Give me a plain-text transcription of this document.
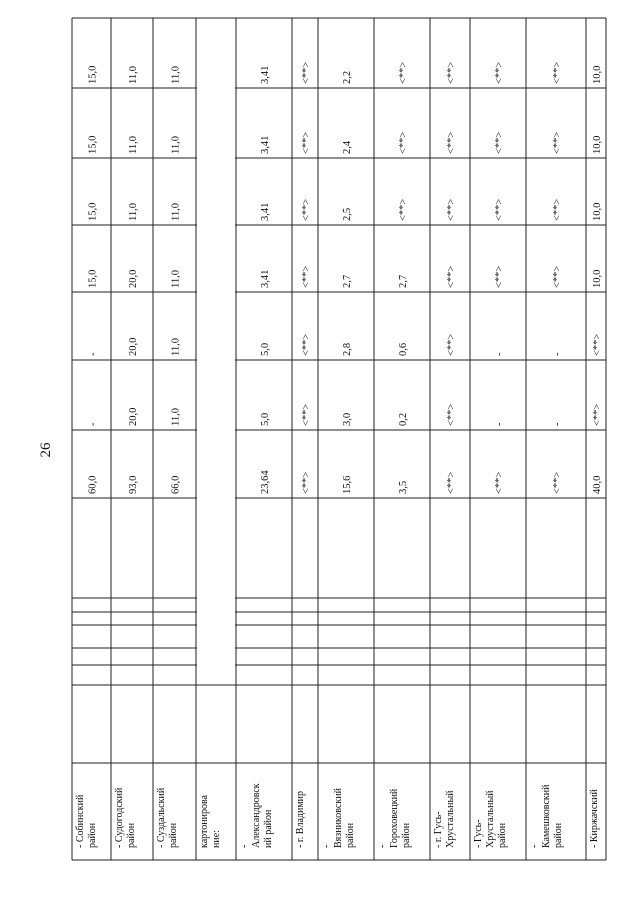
26
15,0
15,0
15,0
15,0
-
-
60,0
- Собинский район
11,0
11,0
11,0
20,0
20,0
20,0
93,0
- Судогодский район
11,0
11,0
11,0
11,0
11,0
11,0
66,0
- Суздальский район картонирова ние:
3,41
3,41
3,41
3,41
5,0
5,0
23,64
- Александровск ий район
<**>
<**>
<**>
<**>
<**>
<**>
<**>
- г. Владимир
2,2
2,4
2,5
2,7
2,8
3,0
15,6
- Вязниковский район
<**>
<**>
<**>
2,7
0,6
0,2
3,5
- Гороховецкий район
<**>
<**>
<**>
<**>
<**>
<**>
<**>
- г. Гусь- Хрустальный
<**>
<**>
<**>
<**>
-
-
<**>
- Гусь- Хрустальный район
<**>
<**>
<**>
<**>
-
-
<**>
- Камешковский район
10,0
10,0
10,0
10,0
<**>
<**>
40,0
- Киржачский
